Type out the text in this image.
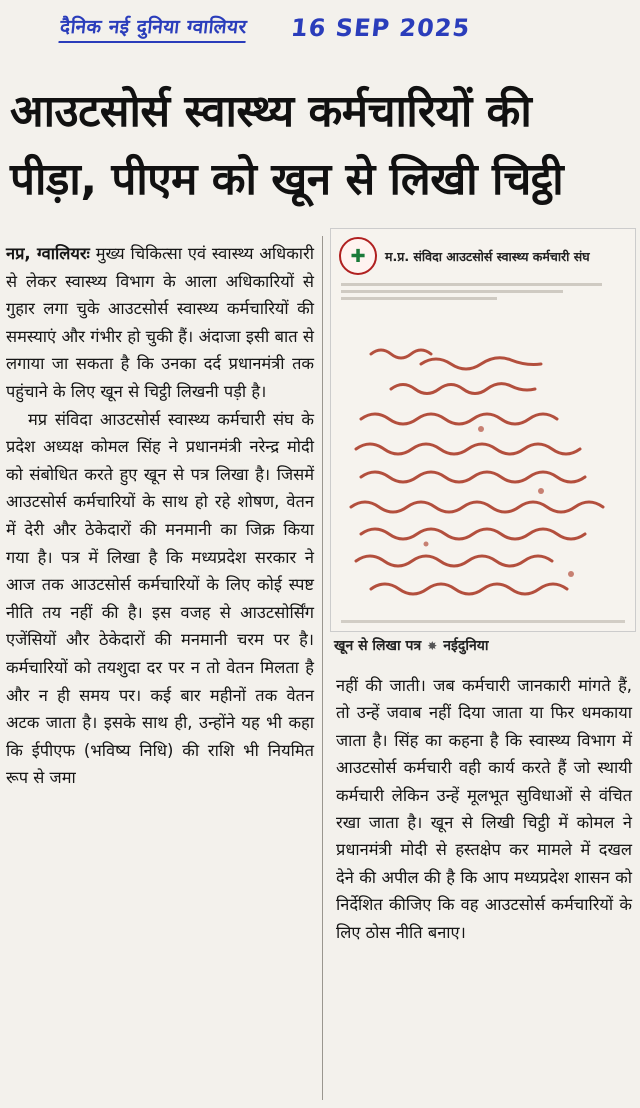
दैनिक नई दुनिया ग्वालियर 16 SEP 2025
आउटसोर्स स्वास्थ्य कर्मचारियों की
पीड़ा, पीएम को खून से लिखी चिट्ठी

नप्र, ग्वालियरः मुख्य चिकित्सा एवं स्वास्थ्य अधिकारी से लेकर स्वास्थ्य विभाग के आला अधिकारियों से गुहार लगा चुके आउटसोर्स स्वास्थ्य कर्मचारियों की समस्याएं और गंभीर हो चुकी हैं। अंदाजा इसी बात से लगाया जा सकता है कि उनका दर्द प्रधानमंत्री तक पहुंचाने के लिए खून से चिट्ठी लिखनी पड़ी है।

मप्र संविदा आउटसोर्स स्वास्थ्य कर्मचारी संघ के प्रदेश अध्यक्ष कोमल सिंह ने प्रधानमंत्री नरेन्द्र मोदी को संबोधित करते हुए खून से पत्र लिखा है। जिसमें आउटसोर्स कर्मचारियों के साथ हो रहे शोषण, वेतन में देरी और ठेकेदारों की मनमानी का जिक्र किया गया है। पत्र में लिखा है कि मध्यप्रदेश सरकार ने आज तक आउटसोर्स कर्मचारियों के लिए कोई स्पष्ट नीति तय नहीं की है। इस वजह से आउटसोर्सिंग एजेंसियों और ठेकेदारों की मनमानी चरम पर है। कर्मचारियों को तयशुदा दर पर न तो वेतन मिलता है और न ही समय पर। कई बार महीनों तक वेतन अटक जाता है। इसके साथ ही, उन्होंने यह भी कहा कि ईपीएफ (भविष्य निधि) की राशि भी नियमित रूप से जमा

✚	म.प्र. संविदा आउटसोर्स स्वास्थ्य कर्मचारी संघ
खून से लिखा पत्र ✸ नईदुनिया

नहीं की जाती। जब कर्मचारी जानकारी मांगते हैं, तो उन्हें जवाब नहीं दिया जाता या फिर धमकाया जाता है। सिंह का कहना है कि स्वास्थ्य विभाग में आउटसोर्स कर्मचारी वही कार्य करते हैं जो स्थायी कर्मचारी लेकिन उन्हें मूलभूत सुविधाओं से वंचित रखा जाता है। खून से लिखी चिट्ठी में कोमल ने प्रधानमंत्री मोदी से हस्तक्षेप कर मामले में दखल देने की अपील की है कि आप मध्यप्रदेश शासन को निर्देशित कीजिए कि वह आउटसोर्स कर्मचारियों के लिए ठोस नीति बनाए।
